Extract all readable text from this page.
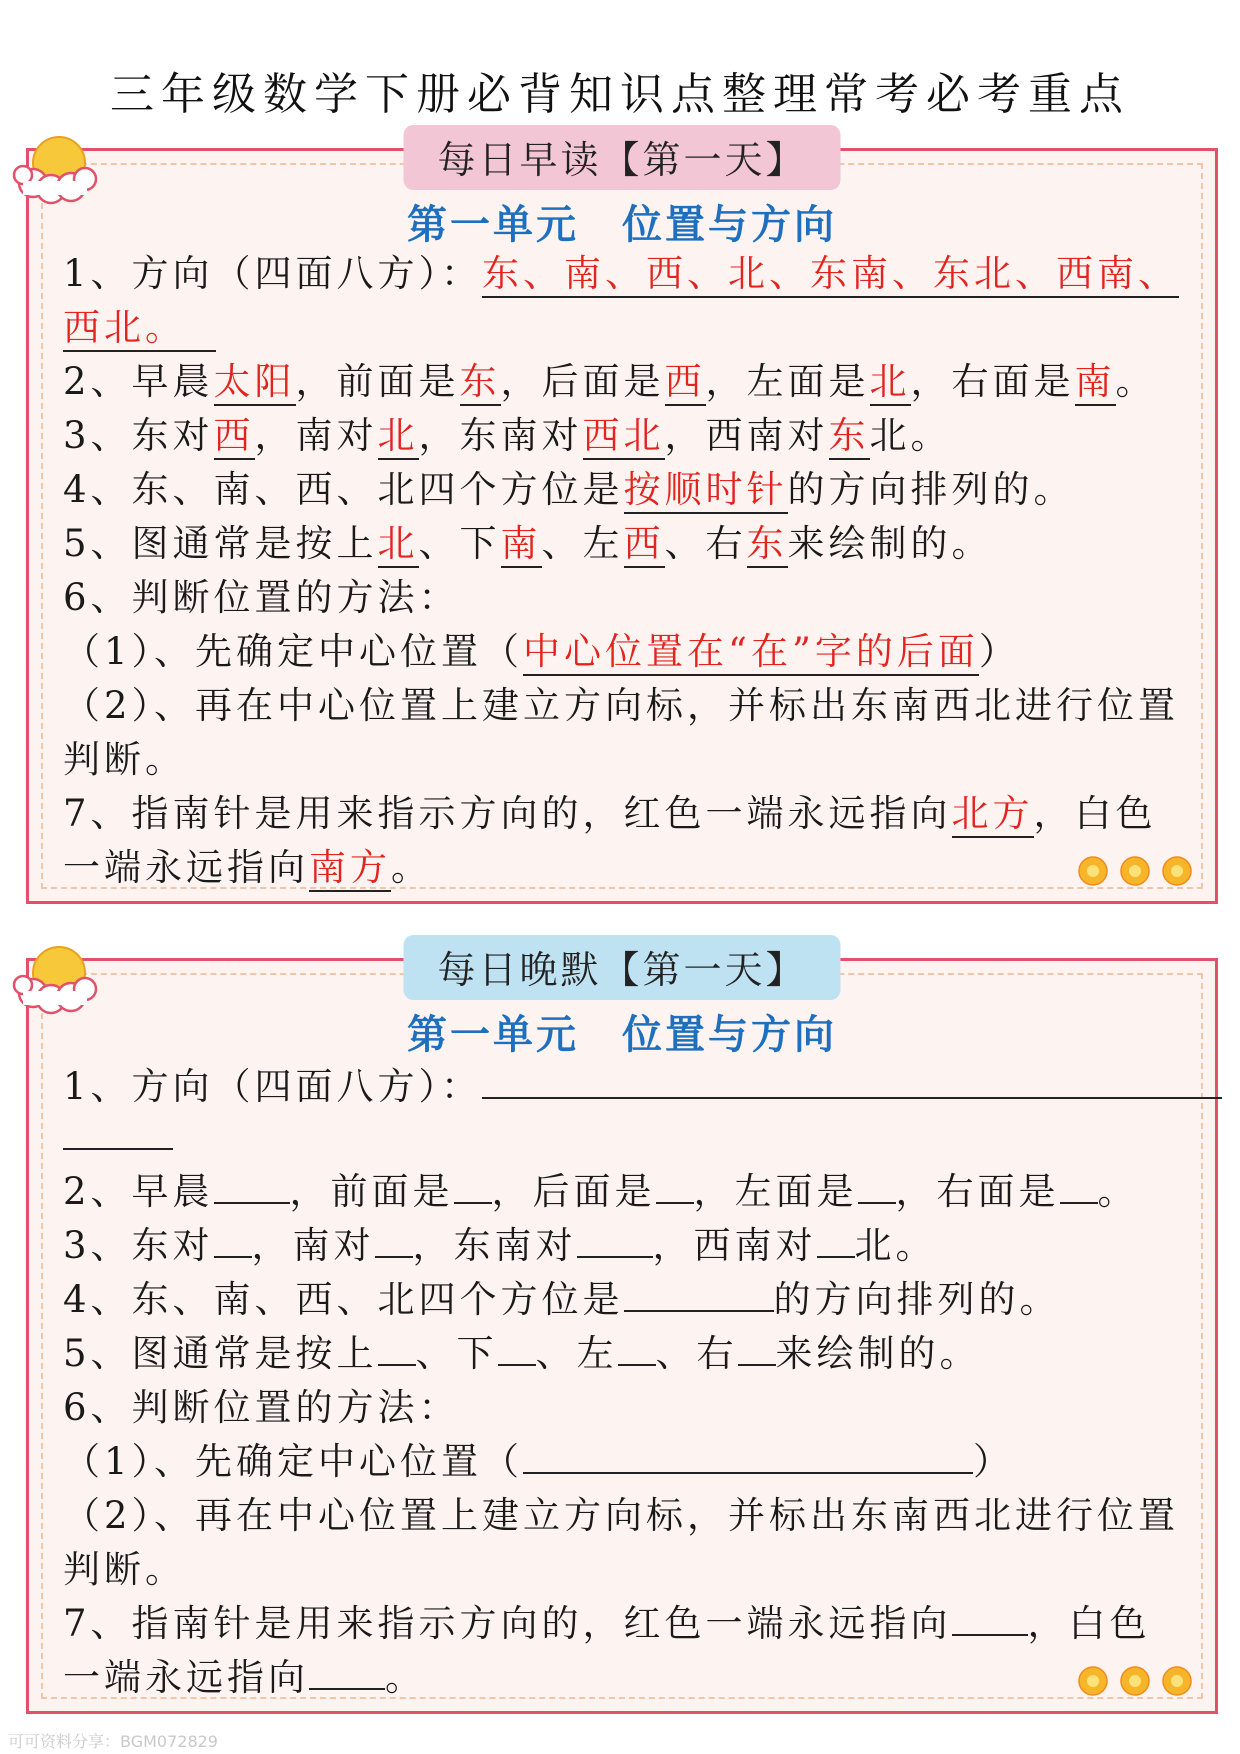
三年级数学下册必背知识点整理常考必考重点
每日早读【第一天】
第一单元　位置与方向
1、方向（四面八方）：东、南、西、北、东南、东北、西南、
西北。
2、早晨太阳，前面是东，后面是西，左面是北，右面是南。
3、东对西，南对北，东南对西北，西南对东北。
4、东、南、西、北四个方位是按顺时针的方向排列的。
5、图通常是按上北、下南、左西、右东来绘制的。
6、判断位置的方法：
（1）、先确定中心位置（中心位置在“在”字的后面）
（2）、再在中心位置上建立方向标，并标出东南西北进行位置
判断。
7、指南针是用来指示方向的，红色一端永远指向北方，白色
一端永远指向南方。
每日晚默【第一天】
第一单元　位置与方向
1、方向（四面八方）：
2、早晨 ，前面是 ，后面是 ，左面是 ，右面是 。
3、东对 ，南对 ，东南对 ，西南对 北。
4、东、南、西、北四个方位是	的方向排列的。
5、图通常是按上 、下 、左 、右 来绘制的。
6、判断位置的方法：
（1）、先确定中心位置（	）
（2）、再在中心位置上建立方向标，并标出东南西北进行位置
判断。
7、指南针是用来指示方向的，红色一端永远指向 ，白色
一端永远指向 。
可可资料分享：BGM072829
